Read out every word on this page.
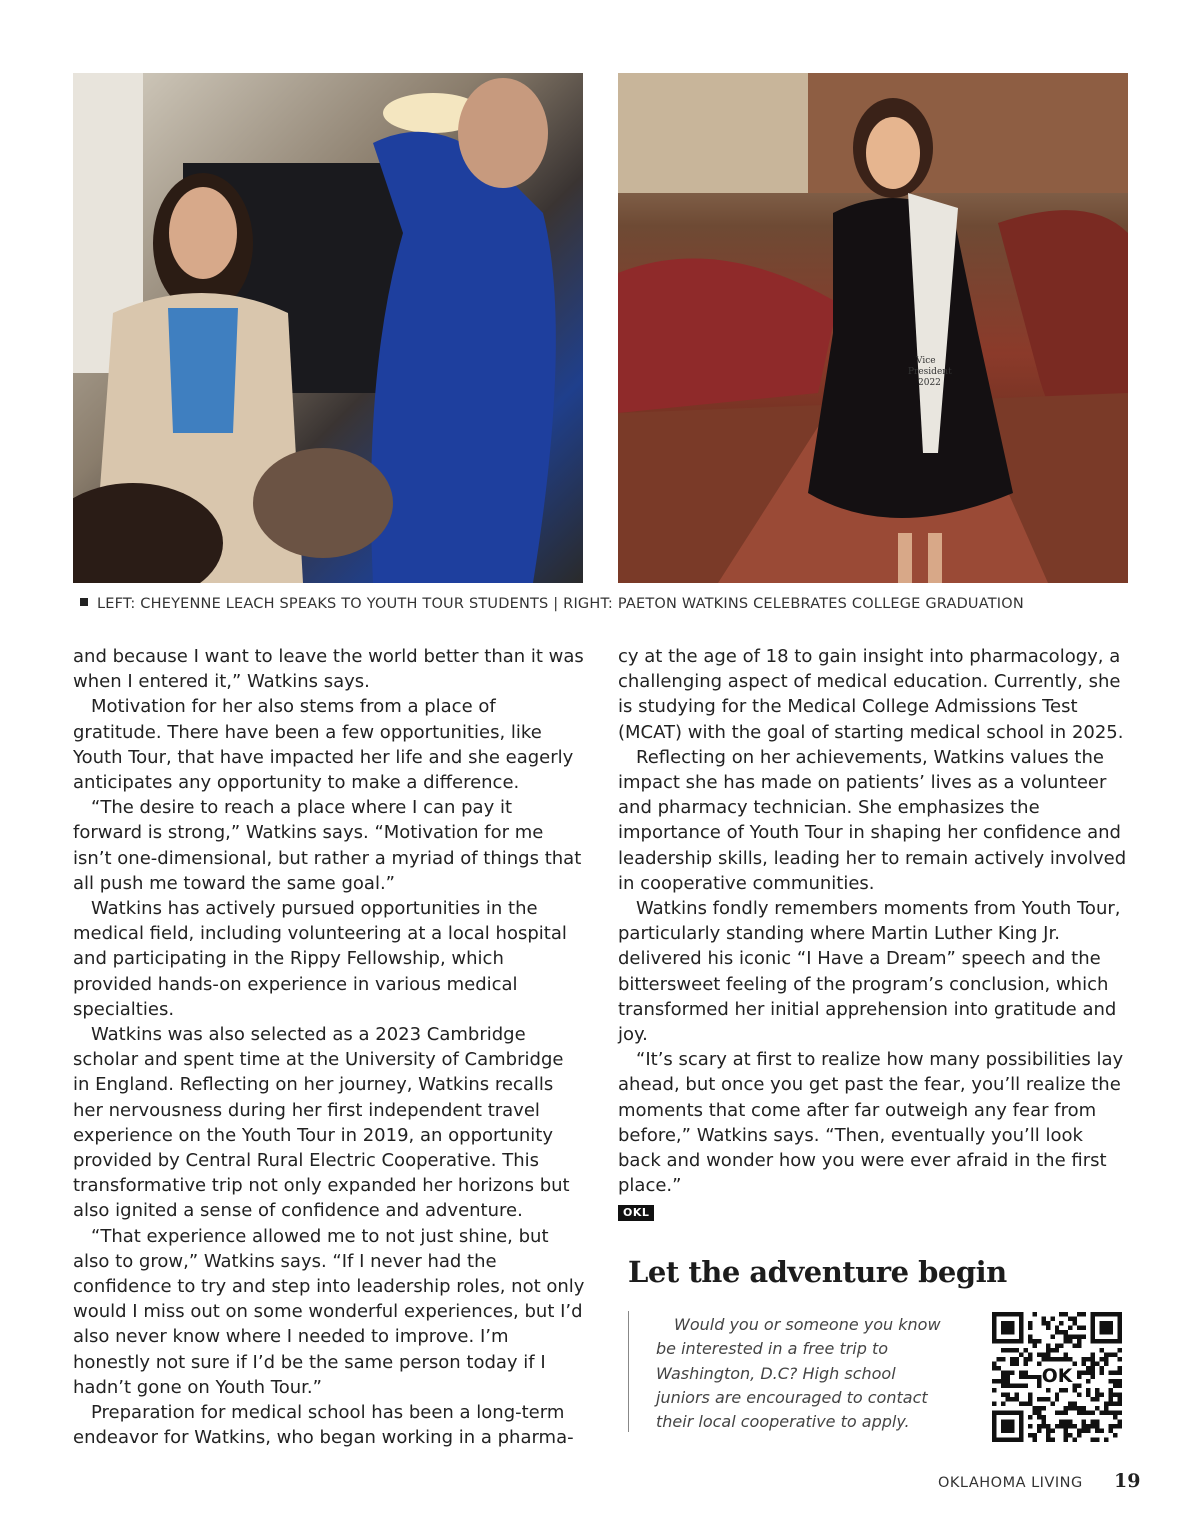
Vice
President
2022
LEFT: CHEYENNE LEACH SPEAKS TO YOUTH TOUR STUDENTS | RIGHT: PAETON WATKINS CELEBRATES COLLEGE GRADUATION

and because I want to leave the world better than it was when I entered it,” Watkins says.

Motivation for her also stems from a place of gratitude. There have been a few opportunities, like Youth Tour, that have impacted her life and she eagerly anticipates any opportunity to make a difference.

“The desire to reach a place where I can pay it forward is strong,” Watkins says. “Motivation for me isn’t one-dimensional, but rather a myriad of things that all push me toward the same goal.”

Watkins has actively pursued opportunities in the medical field, including volunteering at a local hospital and participating in the Rippy Fellowship, which provided hands-on experience in various medical specialties.

Watkins was also selected as a 2023 Cambridge scholar and spent time at the University of Cambridge in England. Reflecting on her journey, Watkins recalls her nervousness during her first independent travel experience on the Youth Tour in 2019, an opportunity provided by Central Rural Electric Cooperative. This transformative trip not only expanded her horizons but also ignited a sense of confidence and adventure.

“That experience allowed me to not just shine, but also to grow,” Watkins says. “If I never had the confidence to try and step into leadership roles, not only would I miss out on some wonderful experiences, but I’d also never know where I needed to improve. I’m honestly not sure if I’d be the same person today if I hadn’t gone on Youth Tour.”

Preparation for medical school has been a long-term endeavor for Watkins, who began working in a pharma-

cy at the age of 18 to gain insight into pharmacology, a challenging aspect of medical education. Currently, she is studying for the Medical College Admissions Test (MCAT) with the goal of starting medical school in 2025.

Reflecting on her achievements, Watkins values the impact she has made on patients’ lives as a volunteer and pharmacy technician. She emphasizes the importance of Youth Tour in shaping her confidence and leadership skills, leading her to remain actively involved in cooperative communities.

Watkins fondly remembers moments from Youth Tour, particularly standing where Martin Luther King Jr. delivered his iconic “I Have a Dream” speech and the bittersweet feeling of the program’s conclusion, which transformed her initial apprehension into gratitude and joy.

“It’s scary at first to realize how many possibilities lay ahead, but once you get past the fear, you’ll realize the moments that come after far outweigh any fear from before,” Watkins says. “Then, eventually you’ll look back and wonder how you were ever afraid in the first place.”

OKL
Let the adventure begin
Would you or someone you know
be interested in a free trip to
Washington, D.C? High school
juniors are encouraged to contact
their local cooperative to apply.
OK
OKLAHOMA LIVING 19
